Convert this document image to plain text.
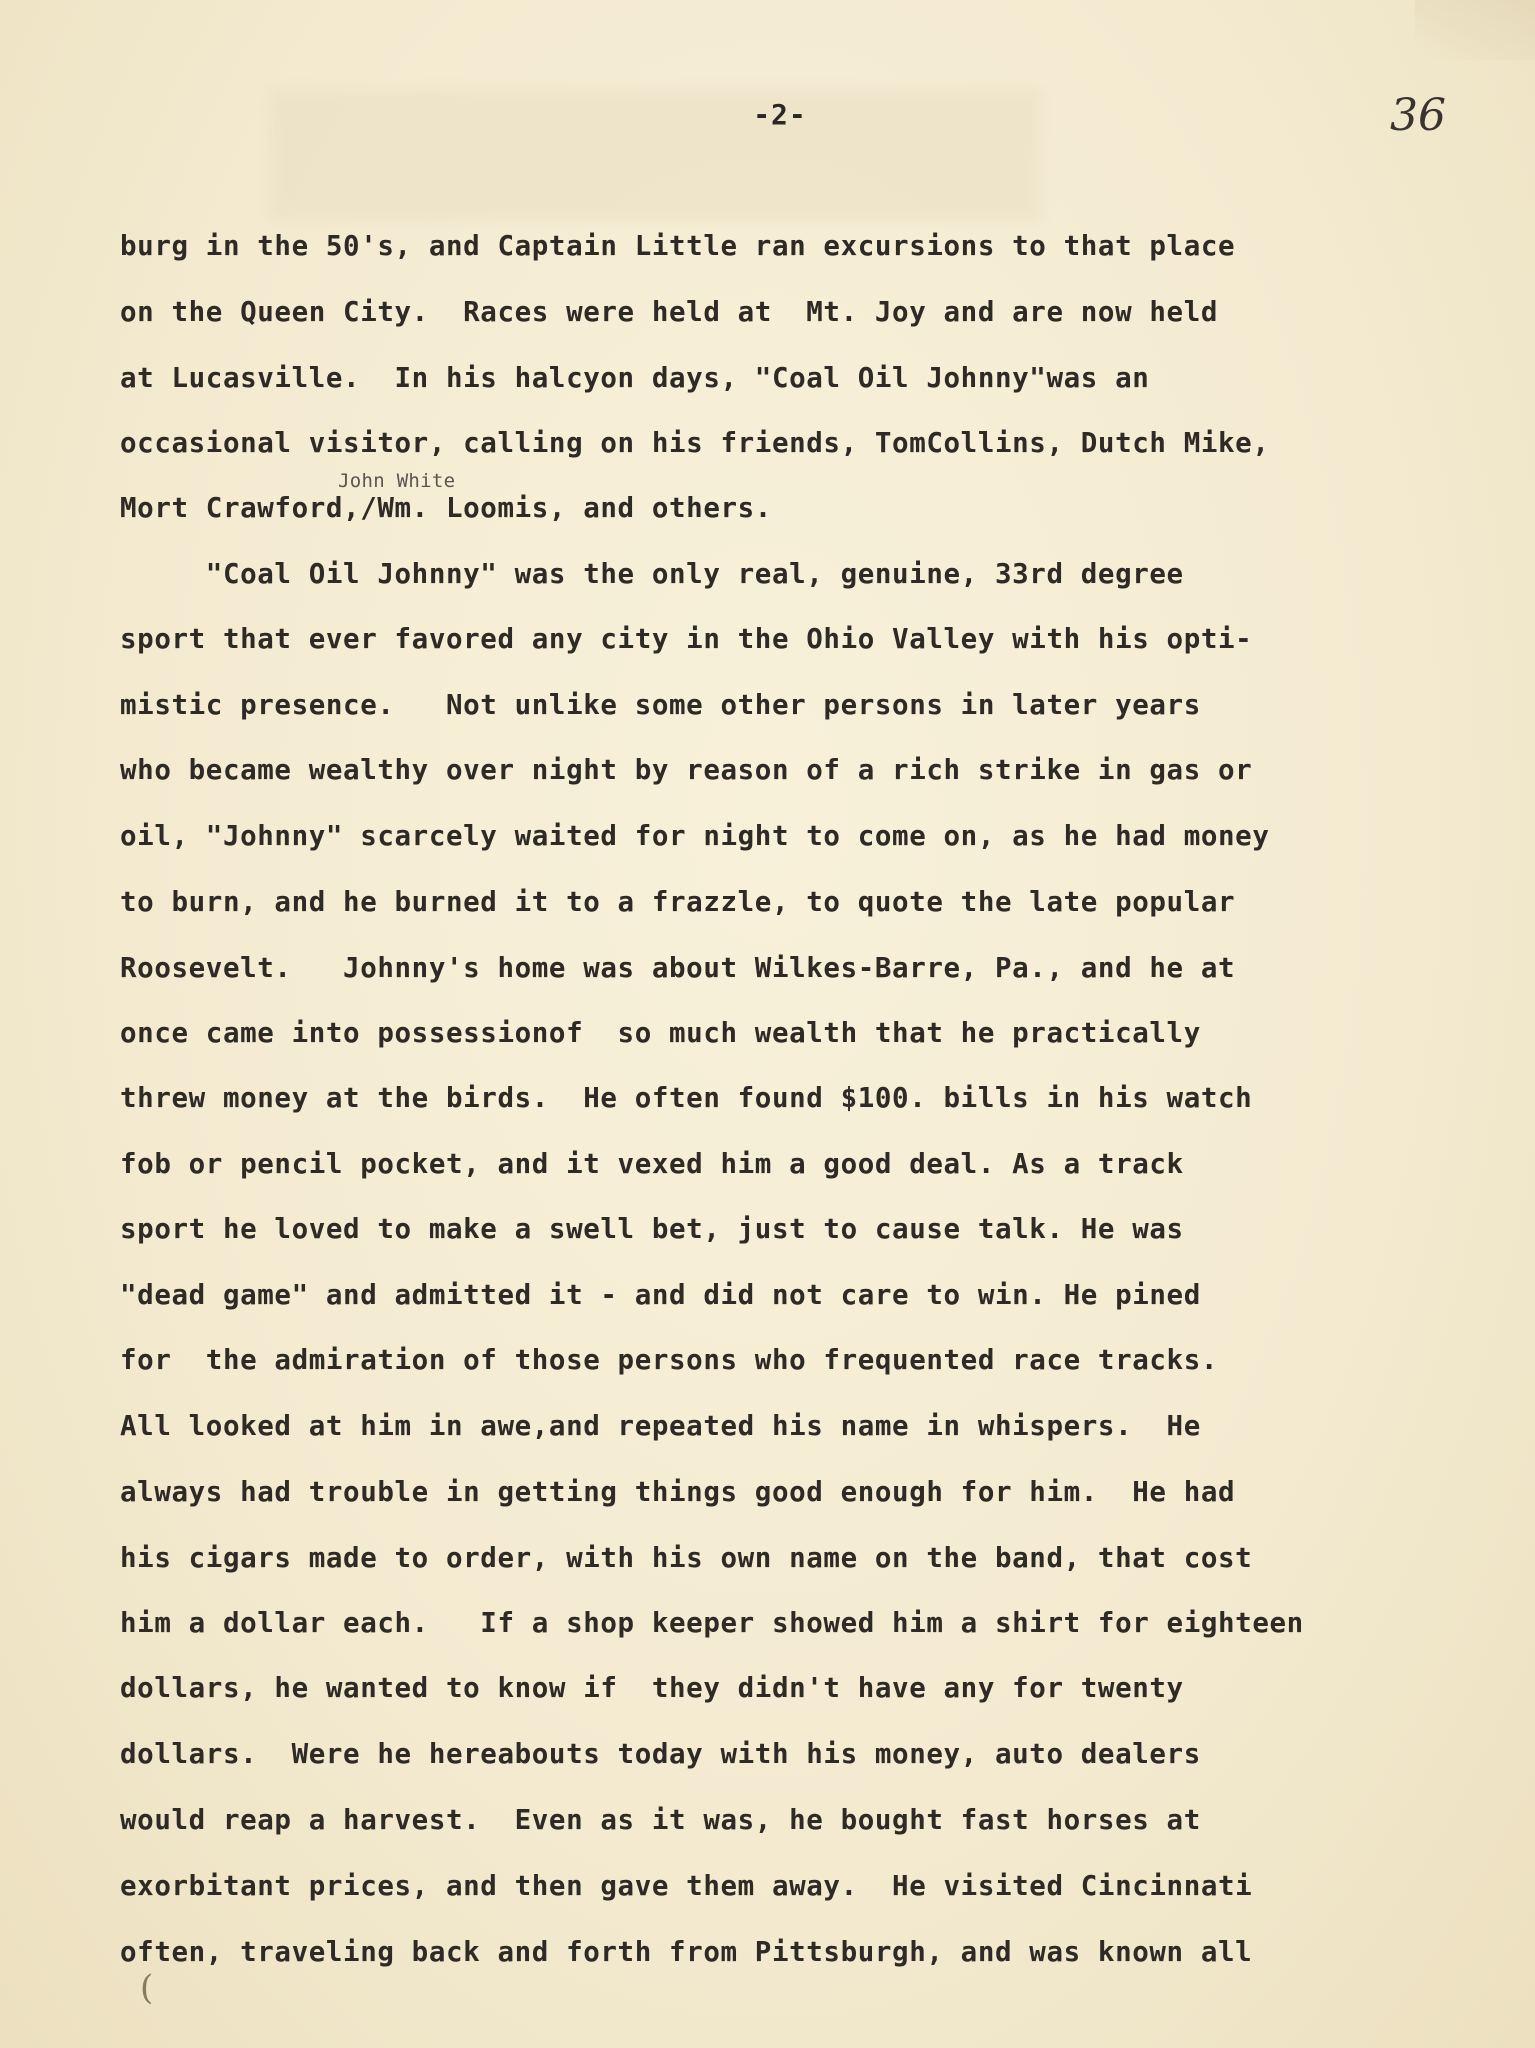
-2-	36
John White
burg in the 50's, and Captain Little ran excursions to that place
on the Queen City.  Races were held at  Mt. Joy and are now held
at Lucasville.  In his halcyon days, "Coal Oil Johnny"was an
occasional visitor, calling on his friends, TomCollins, Dutch Mike,
Mort Crawford,/Wm. Loomis, and others.
"Coal Oil Johnny" was the only real, genuine, 33rd degree
sport that ever favored any city in the Ohio Valley with his opti-
mistic presence.   Not unlike some other persons in later years
who became wealthy over night by reason of a rich strike in gas or
oil, "Johnny" scarcely waited for night to come on, as he had money
to burn, and he burned it to a frazzle, to quote the late popular
Roosevelt.   Johnny's home was about Wilkes-Barre, Pa., and he at
once came into possessionof  so much wealth that he practically
threw money at the birds.  He often found $100. bills in his watch
fob or pencil pocket, and it vexed him a good deal. As a track
sport he loved to make a swell bet, just to cause talk. He was
"dead game" and admitted it - and did not care to win. He pined
for  the admiration of those persons who frequented race tracks.
All looked at him in awe,and repeated his name in whispers.  He
always had trouble in getting things good enough for him.  He had
his cigars made to order, with his own name on the band, that cost
him a dollar each.   If a shop keeper showed him a shirt for eighteen
dollars, he wanted to know if  they didn't have any for twenty
dollars.  Were he hereabouts today with his money, auto dealers
would reap a harvest.  Even as it was, he bought fast horses at
exorbitant prices, and then gave them away.  He visited Cincinnati
often, traveling back and forth from Pittsburgh, and was known all
(
